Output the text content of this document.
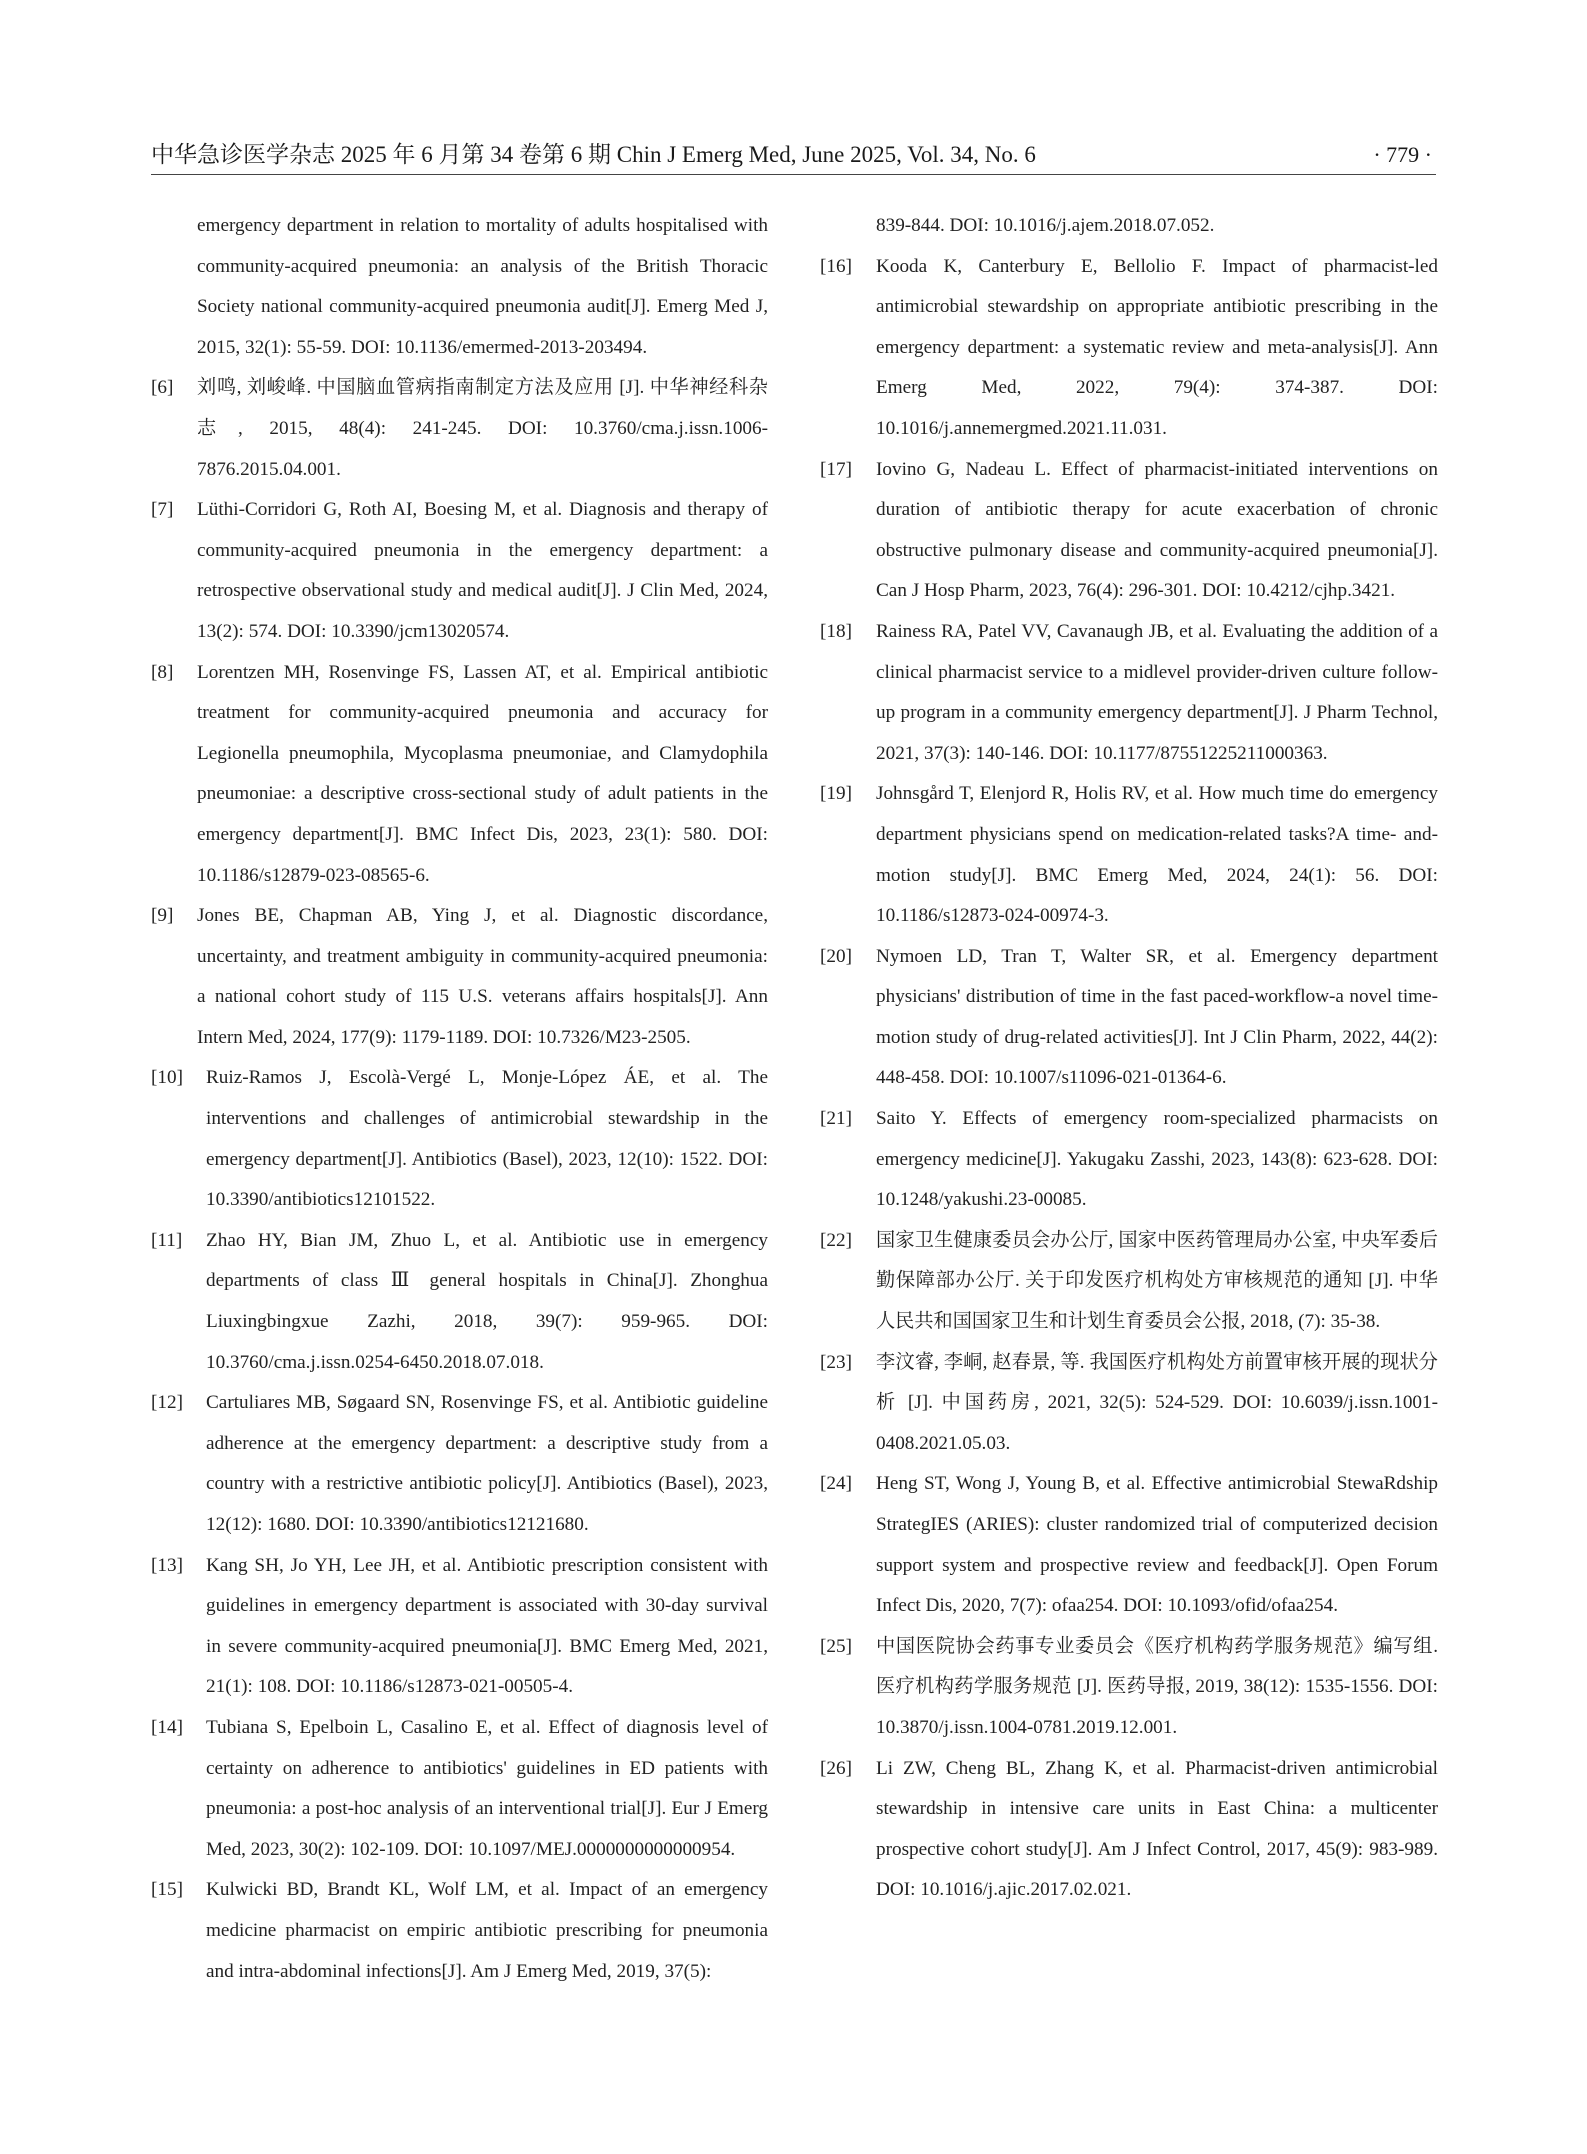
中华急诊医学杂志 2025 年 6 月第 34 卷第 6 期 Chin J Emerg Med, June 2025, Vol. 34, No. 6	· 779 ·
emergency department in relation to mortality of adults hospitalised with community-acquired pneumonia: an analysis of the British Thoracic Society national community-acquired pneumonia audit[J]. Emerg Med J, 2015, 32(1): 55-59. DOI: 10.1136/emermed-2013-203494.
[6] 刘鸣, 刘峻峰. 中国脑血管病指南制定方法及应用 [J]. 中华神经科杂志, 2015, 48(4): 241-245. DOI: 10.3760/cma.j.issn.1006-7876.2015.04.001.
[7] Lüthi-Corridori G, Roth AI, Boesing M, et al. Diagnosis and therapy of community-acquired pneumonia in the emergency department: a retrospective observational study and medical audit[J]. J Clin Med, 2024, 13(2): 574. DOI: 10.3390/jcm13020574.
[8] Lorentzen MH, Rosenvinge FS, Lassen AT, et al. Empirical antibiotic treatment for community-acquired pneumonia and accuracy for Legionella pneumophila, Mycoplasma pneumoniae, and Clamydophila pneumoniae: a descriptive cross-sectional study of adult patients in the emergency department[J]. BMC Infect Dis, 2023, 23(1): 580. DOI: 10.1186/s12879-023-08565-6.
[9] Jones BE, Chapman AB, Ying J, et al. Diagnostic discordance, uncertainty, and treatment ambiguity in community-acquired pneumonia: a national cohort study of 115 U.S. veterans affairs hospitals[J]. Ann Intern Med, 2024, 177(9): 1179-1189. DOI: 10.7326/M23-2505.
[10] Ruiz-Ramos J, Escolà-Vergé L, Monje-López ÁE, et al. The interventions and challenges of antimicrobial stewardship in the emergency department[J]. Antibiotics (Basel), 2023, 12(10): 1522. DOI: 10.3390/antibiotics12101522.
[11] Zhao HY, Bian JM, Zhuo L, et al. Antibiotic use in emergency departments of class Ⅲ general hospitals in China[J]. Zhonghua Liuxingbingxue Zazhi, 2018, 39(7): 959-965. DOI: 10.3760/cma.j.issn.0254-6450.2018.07.018.
[12] Cartuliares MB, Søgaard SN, Rosenvinge FS, et al. Antibiotic guideline adherence at the emergency department: a descriptive study from a country with a restrictive antibiotic policy[J]. Antibiotics (Basel), 2023, 12(12): 1680. DOI: 10.3390/antibiotics12121680.
[13] Kang SH, Jo YH, Lee JH, et al. Antibiotic prescription consistent with guidelines in emergency department is associated with 30-day survival in severe community-acquired pneumonia[J]. BMC Emerg Med, 2021, 21(1): 108. DOI: 10.1186/s12873-021-00505-4.
[14] Tubiana S, Epelboin L, Casalino E, et al. Effect of diagnosis level of certainty on adherence to antibiotics' guidelines in ED patients with pneumonia: a post-hoc analysis of an interventional trial[J]. Eur J Emerg Med, 2023, 30(2): 102-109. DOI: 10.1097/MEJ.0000000000000954.
[15] Kulwicki BD, Brandt KL, Wolf LM, et al. Impact of an emergency medicine pharmacist on empiric antibiotic prescribing for pneumonia and intra-abdominal infections[J]. Am J Emerg Med, 2019, 37(5):
839-844. DOI: 10.1016/j.ajem.2018.07.052.
[16] Kooda K, Canterbury E, Bellolio F. Impact of pharmacist-led antimicrobial stewardship on appropriate antibiotic prescribing in the emergency department: a systematic review and meta-analysis[J]. Ann Emerg Med, 2022, 79(4): 374-387. DOI: 10.1016/j.annemergmed.2021.11.031.
[17] Iovino G, Nadeau L. Effect of pharmacist-initiated interventions on duration of antibiotic therapy for acute exacerbation of chronic obstructive pulmonary disease and community-acquired pneumonia[J]. Can J Hosp Pharm, 2023, 76(4): 296-301. DOI: 10.4212/cjhp.3421.
[18] Rainess RA, Patel VV, Cavanaugh JB, et al. Evaluating the addition of a clinical pharmacist service to a midlevel provider-driven culture follow-up program in a community emergency department[J]. J Pharm Technol, 2021, 37(3): 140-146. DOI: 10.1177/87551225211000363.
[19] Johnsgård T, Elenjord R, Holis RV, et al. How much time do emergency department physicians spend on medication-related tasks?A time- and-motion study[J]. BMC Emerg Med, 2024, 24(1): 56. DOI: 10.1186/s12873-024-00974-3.
[20] Nymoen LD, Tran T, Walter SR, et al. Emergency department physicians' distribution of time in the fast paced-workflow-a novel time-motion study of drug-related activities[J]. Int J Clin Pharm, 2022, 44(2): 448-458. DOI: 10.1007/s11096-021-01364-6.
[21] Saito Y. Effects of emergency room-specialized pharmacists on emergency medicine[J]. Yakugaku Zasshi, 2023, 143(8): 623-628. DOI: 10.1248/yakushi.23-00085.
[22] 国家卫生健康委员会办公厅, 国家中医药管理局办公室, 中央军委后勤保障部办公厅. 关于印发医疗机构处方审核规范的通知 [J]. 中华人民共和国国家卫生和计划生育委员会公报, 2018, (7): 35-38.
[23] 李汶睿, 李峒, 赵春景, 等. 我国医疗机构处方前置审核开展的现状分析 [J]. 中国药房, 2021, 32(5): 524-529. DOI: 10.6039/j.issn.1001-0408.2021.05.03.
[24] Heng ST, Wong J, Young B, et al. Effective antimicrobial StewaRdship StrategIES (ARIES): cluster randomized trial of computerized decision support system and prospective review and feedback[J]. Open Forum Infect Dis, 2020, 7(7): ofaa254. DOI: 10.1093/ofid/ofaa254.
[25] 中国医院协会药事专业委员会《医疗机构药学服务规范》编写组. 医疗机构药学服务规范 [J]. 医药导报, 2019, 38(12): 1535-1556. DOI: 10.3870/j.issn.1004-0781.2019.12.001.
[26] Li ZW, Cheng BL, Zhang K, et al. Pharmacist-driven antimicrobial stewardship in intensive care units in East China: a multicenter prospective cohort study[J]. Am J Infect Control, 2017, 45(9): 983-989. DOI: 10.1016/j.ajic.2017.02.021.
